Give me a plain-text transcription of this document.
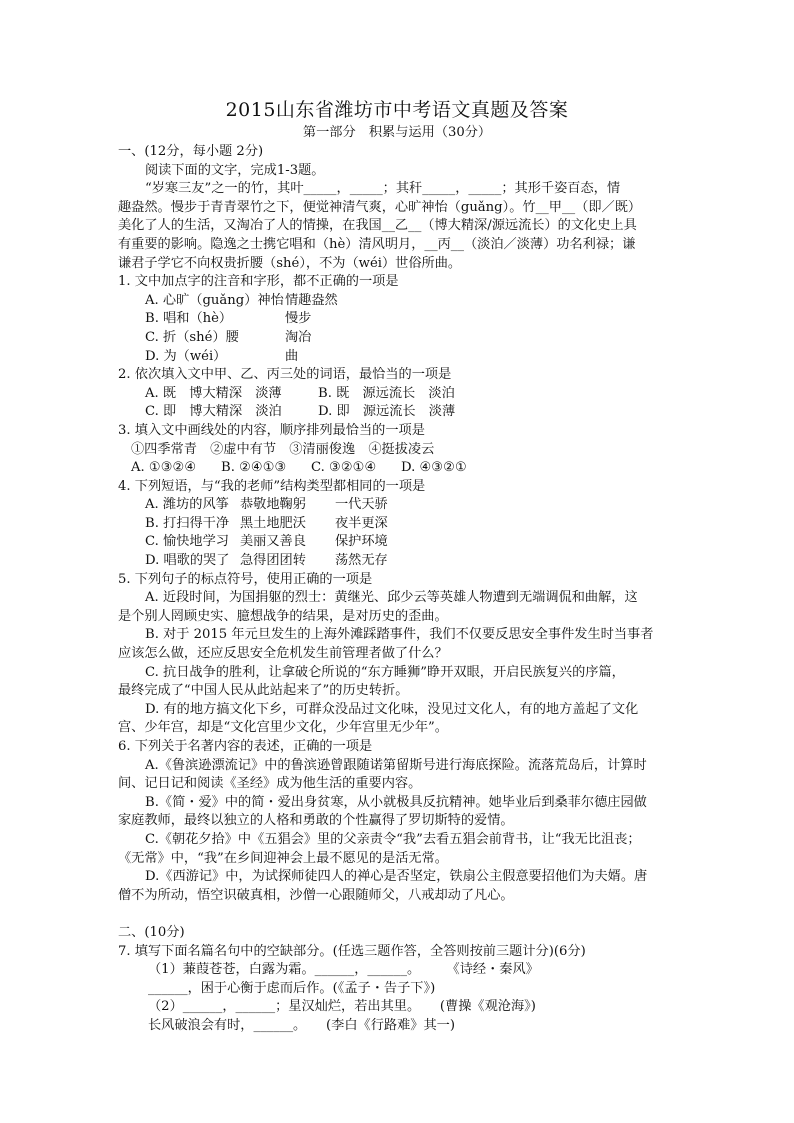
2015山东省潍坊市中考语文真题及答案
第一部分　积累与运用（30分）
一、(12分，每小题 2分)
阅读下面的文字，完成1-3题。
“岁寒三友”之一的竹，其叶_____，_____；其秆_____，_____；其形千姿百态，情
趣盎然。慢步于青青翠竹之下，便觉神清气爽，心旷神怡（guǎng）。竹__甲__（即／既）
美化了人的生活，又淘冶了人的情操，在我国__乙__（博大精深/源远流长）的文化史上具
有重要的影响。隐逸之士携它唱和（hè）清风明月，__丙__（淡泊／淡薄）功名利禄；谦
谦君子学它不向权贵折腰（shé），不为（wéi）世俗所曲。
1. 文中加点字的注音和字形，都不正确的一项是
A. 心旷（guǎng）神怡 情趣盎然
B. 唱和（hè）	慢步
C. 折（shé）腰	淘冶
D. 为（wéi）	曲
2. 依次填入文中甲、乙、丙三处的词语，最恰当的一项是
A. 既　博大精深　淡薄	B. 既　源远流长　淡泊
C. 即　博大精深　淡泊	D. 即　源远流长　淡薄
3. 填入文中画线处的内容，顺序排列最恰当的一项是
①四季常青　②虚中有节　③清丽俊逸　④挺拔凌云
A. ①③②④	B. ②④①③	C. ③②①④	D. ④③②①
4. 下列短语，与“我的老师”结构类型都相同的一项是
A. 潍坊的风筝 恭敬地鞠躬	一代天骄
B. 打扫得干净 黑土地肥沃	夜半更深
C. 愉快地学习 美丽又善良	保护环境
D. 唱歌的哭了 急得团团转	荡然无存
5. 下列句子的标点符号，使用正确的一项是
A. 近段时间，为国捐躯的烈士：黄继光、邱少云等英雄人物遭到无端调侃和曲解，这
是个别人罔顾史实、臆想战争的结果，是对历史的歪曲。
B. 对于 2015 年元旦发生的上海外滩踩踏事件，我们不仅要反思安全事件发生时当事者
应该怎么做，还应反思安全危机发生前管理者做了什么？
C. 抗日战争的胜利，让拿破仑所说的“东方睡狮”睁开双眼，开启民族复兴的序篇，
最终完成了“中国人民从此站起来了”的历史转折。
D. 有的地方搞文化下乡，可群众没品过文化味，没见过文化人，有的地方盖起了文化
宫、少年宫，却是“文化宫里少文化，少年宫里无少年”。
6. 下列关于名著内容的表述，正确的一项是
A.《鲁滨逊漂流记》中的鲁滨逊曾跟随诺第留斯号进行海底探险。流落荒岛后，计算时
间、记日记和阅读《圣经》成为他生活的重要内容。
B.《简・爱》中的简・爱出身贫寒，从小就极具反抗精神。她毕业后到桑菲尔德庄园做
家庭教师，最终以独立的人格和勇敢的个性赢得了罗切斯特的爱情。
C.《朝花夕拾》中《五猖会》里的父亲责令“我”去看五猖会前背书，让“我无比沮丧；
《无常》中，“我”在乡间迎神会上最不愿见的是活无常。
D.《西游记》中，为试探师徒四人的禅心是否坚定，铁扇公主假意要招他们为夫婿。唐
僧不为所动，悟空识破真相，沙僧一心跟随师父，八戒却动了凡心。
二、(10分)
7. 填写下面名篇名句中的空缺部分。(任选三题作答，全答则按前三题计分)(6分)
（1）蒹葭苍苍，白露为霜。______，______。　　　《诗经・秦风》
______，困于心衡于虑而后作。(《孟子・告子下》)
（2）______，______；星汉灿烂，若出其里。　　(曹操《观沧海》)
长风破浪会有时，______。　　(李白《行路难》其一)
